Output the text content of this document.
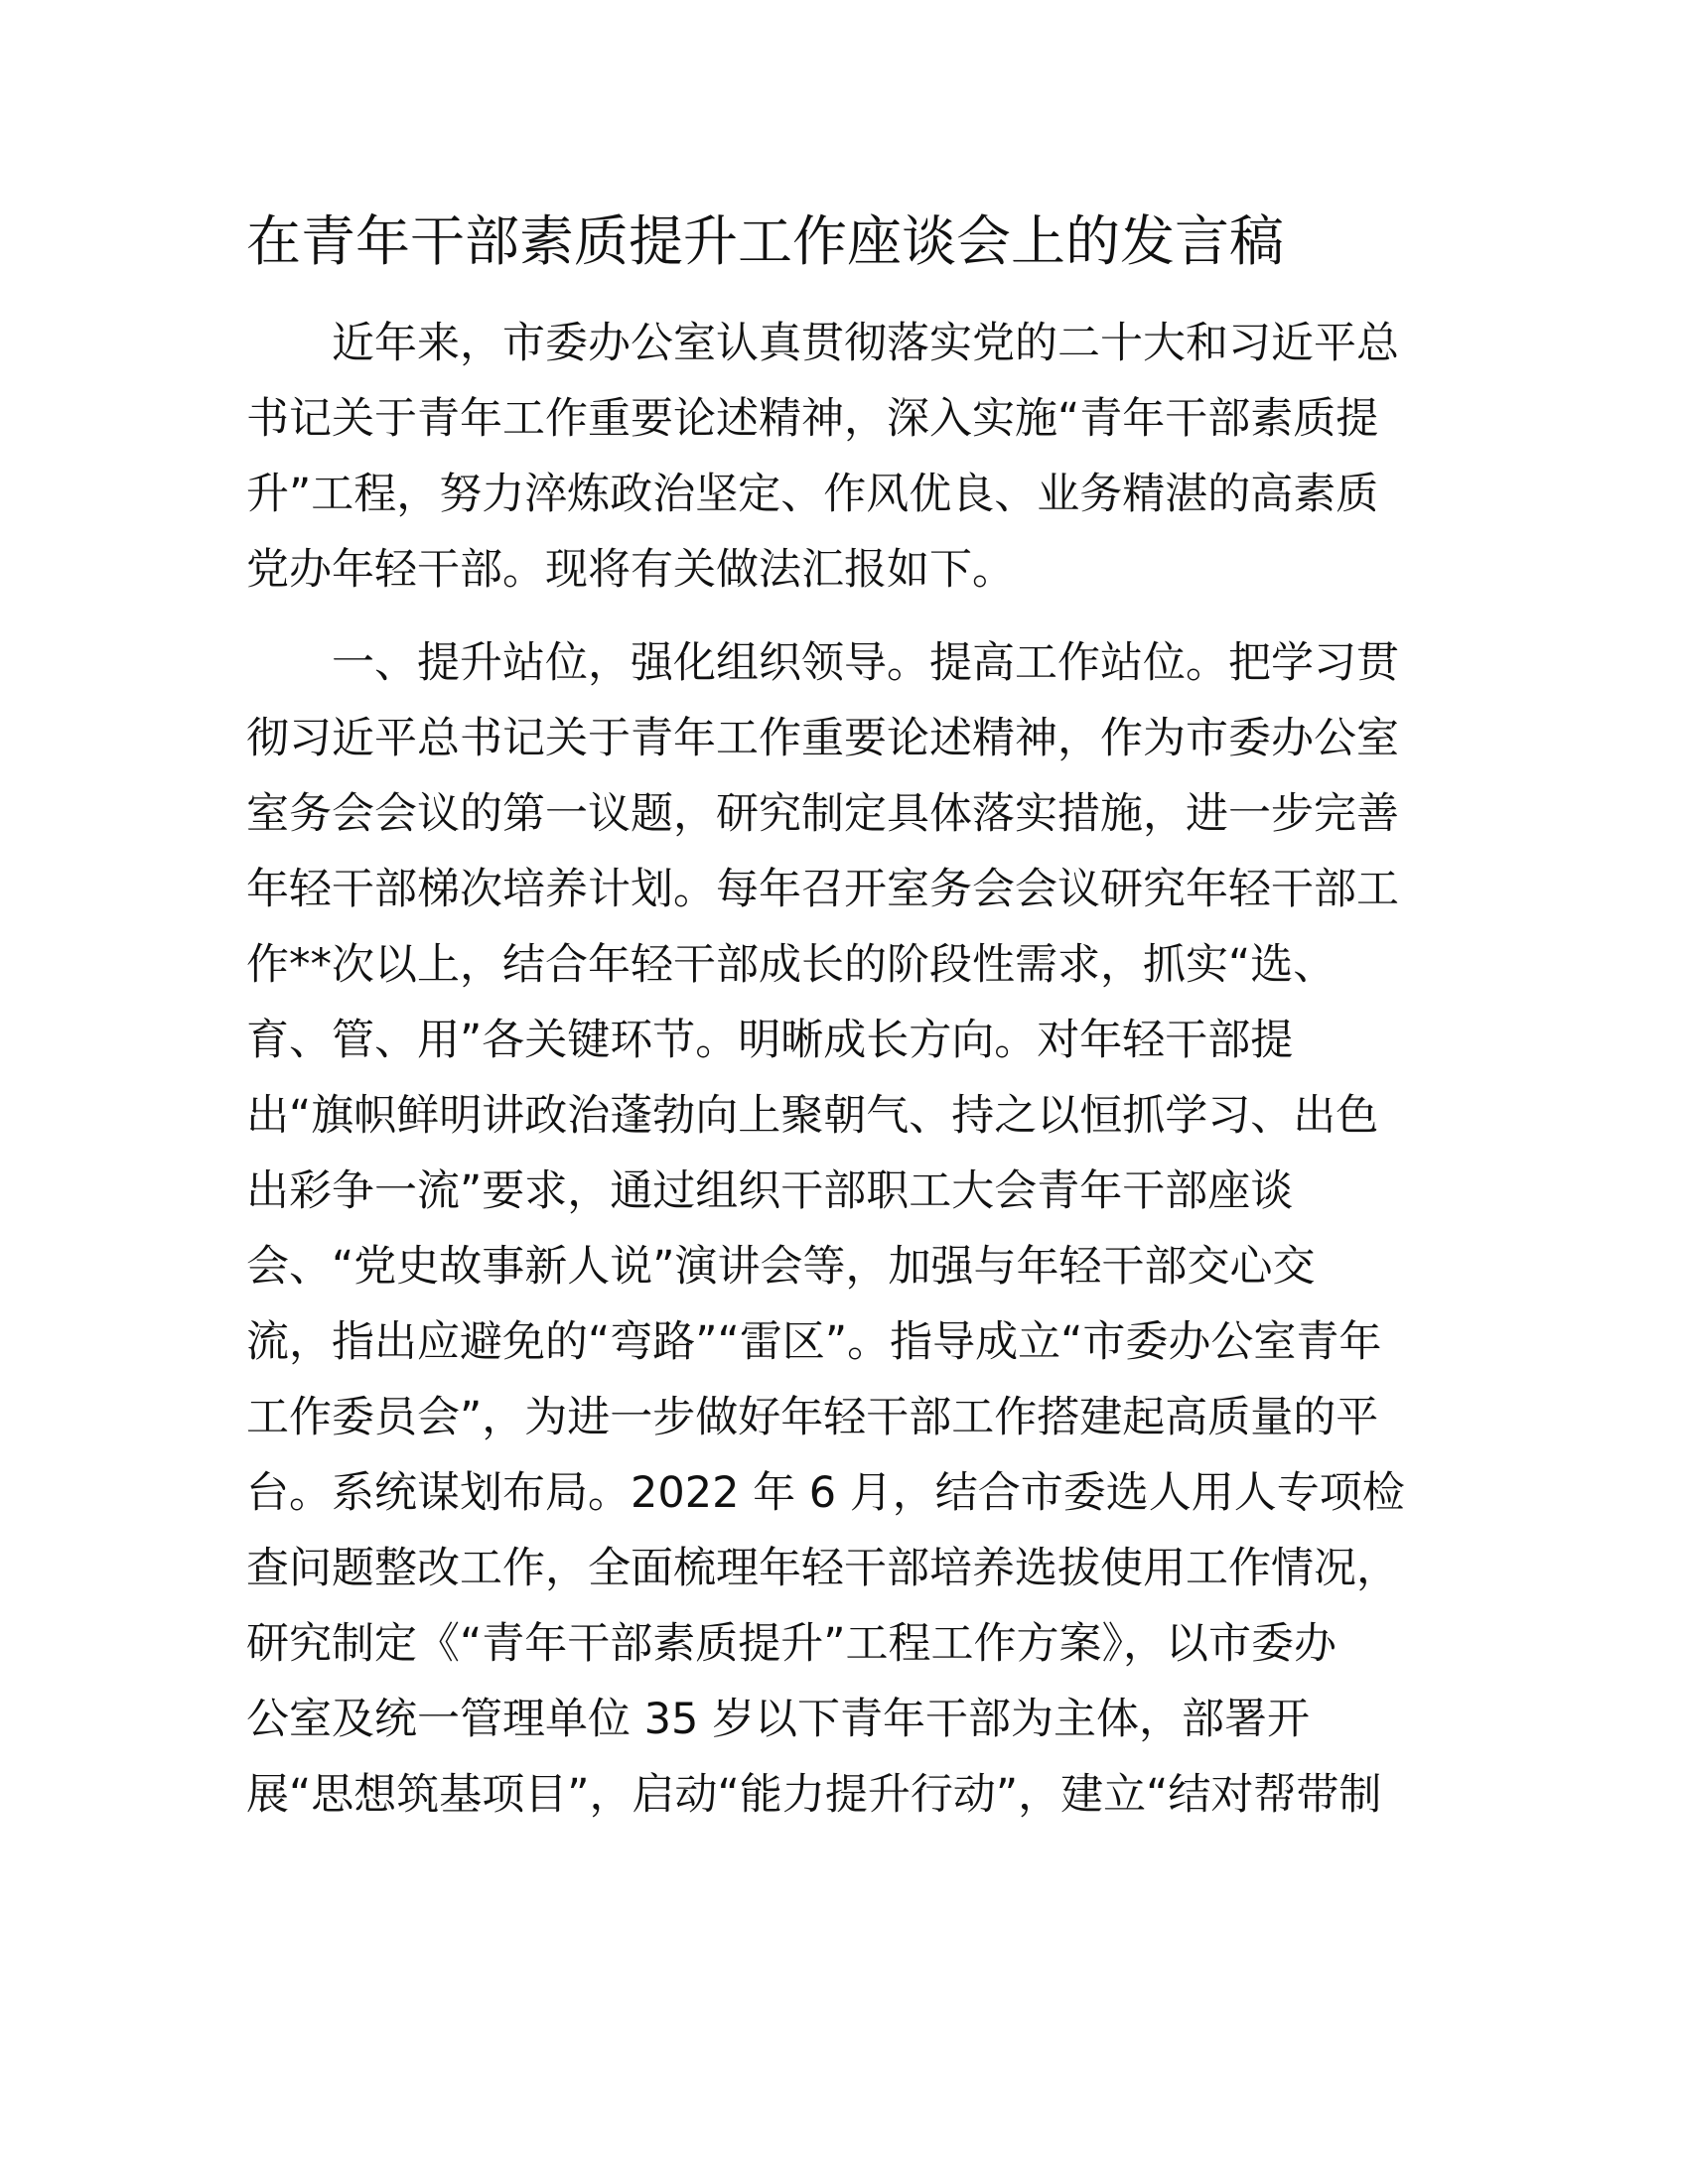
在青年干部素质提升工作座谈会上的发言稿

近年来，市委办公室认真贯彻落实党的二十大和习近平总

书记关于青年工作重要论述精神，深入实施“青年干部素质提

升”工程，努力淬炼政治坚定、作风优良、业务精湛的高素质

党办年轻干部。现将有关做法汇报如下。

一、提升站位，强化组织领导。提高工作站位。把学习贯

彻习近平总书记关于青年工作重要论述精神，作为市委办公室

室务会会议的第一议题，研究制定具体落实措施，进一步完善

年轻干部梯次培养计划。每年召开室务会会议研究年轻干部工

作**次以上，结合年轻干部成长的阶段性需求，抓实“选、

育、管、用”各关键环节。明晰成长方向。对年轻干部提

出“旗帜鲜明讲政治蓬勃向上聚朝气、持之以恒抓学习、出色

出彩争一流”要求，通过组织干部职工大会青年干部座谈

会、“党史故事新人说”演讲会等，加强与年轻干部交心交

流，指出应避免的“弯路”“雷区”。指导成立“市委办公室青年

工作委员会”，为进一步做好年轻干部工作搭建起高质量的平

台。系统谋划布局。2022 年 6 月，结合市委选人用人专项检

查问题整改工作，全面梳理年轻干部培养选拔使用工作情况，

研究制定《“青年干部素质提升”工程工作方案》，以市委办

公室及统一管理单位 35 岁以下青年干部为主体，部署开

展“思想筑基项目”，启动“能力提升行动”，建立“结对帮带制
